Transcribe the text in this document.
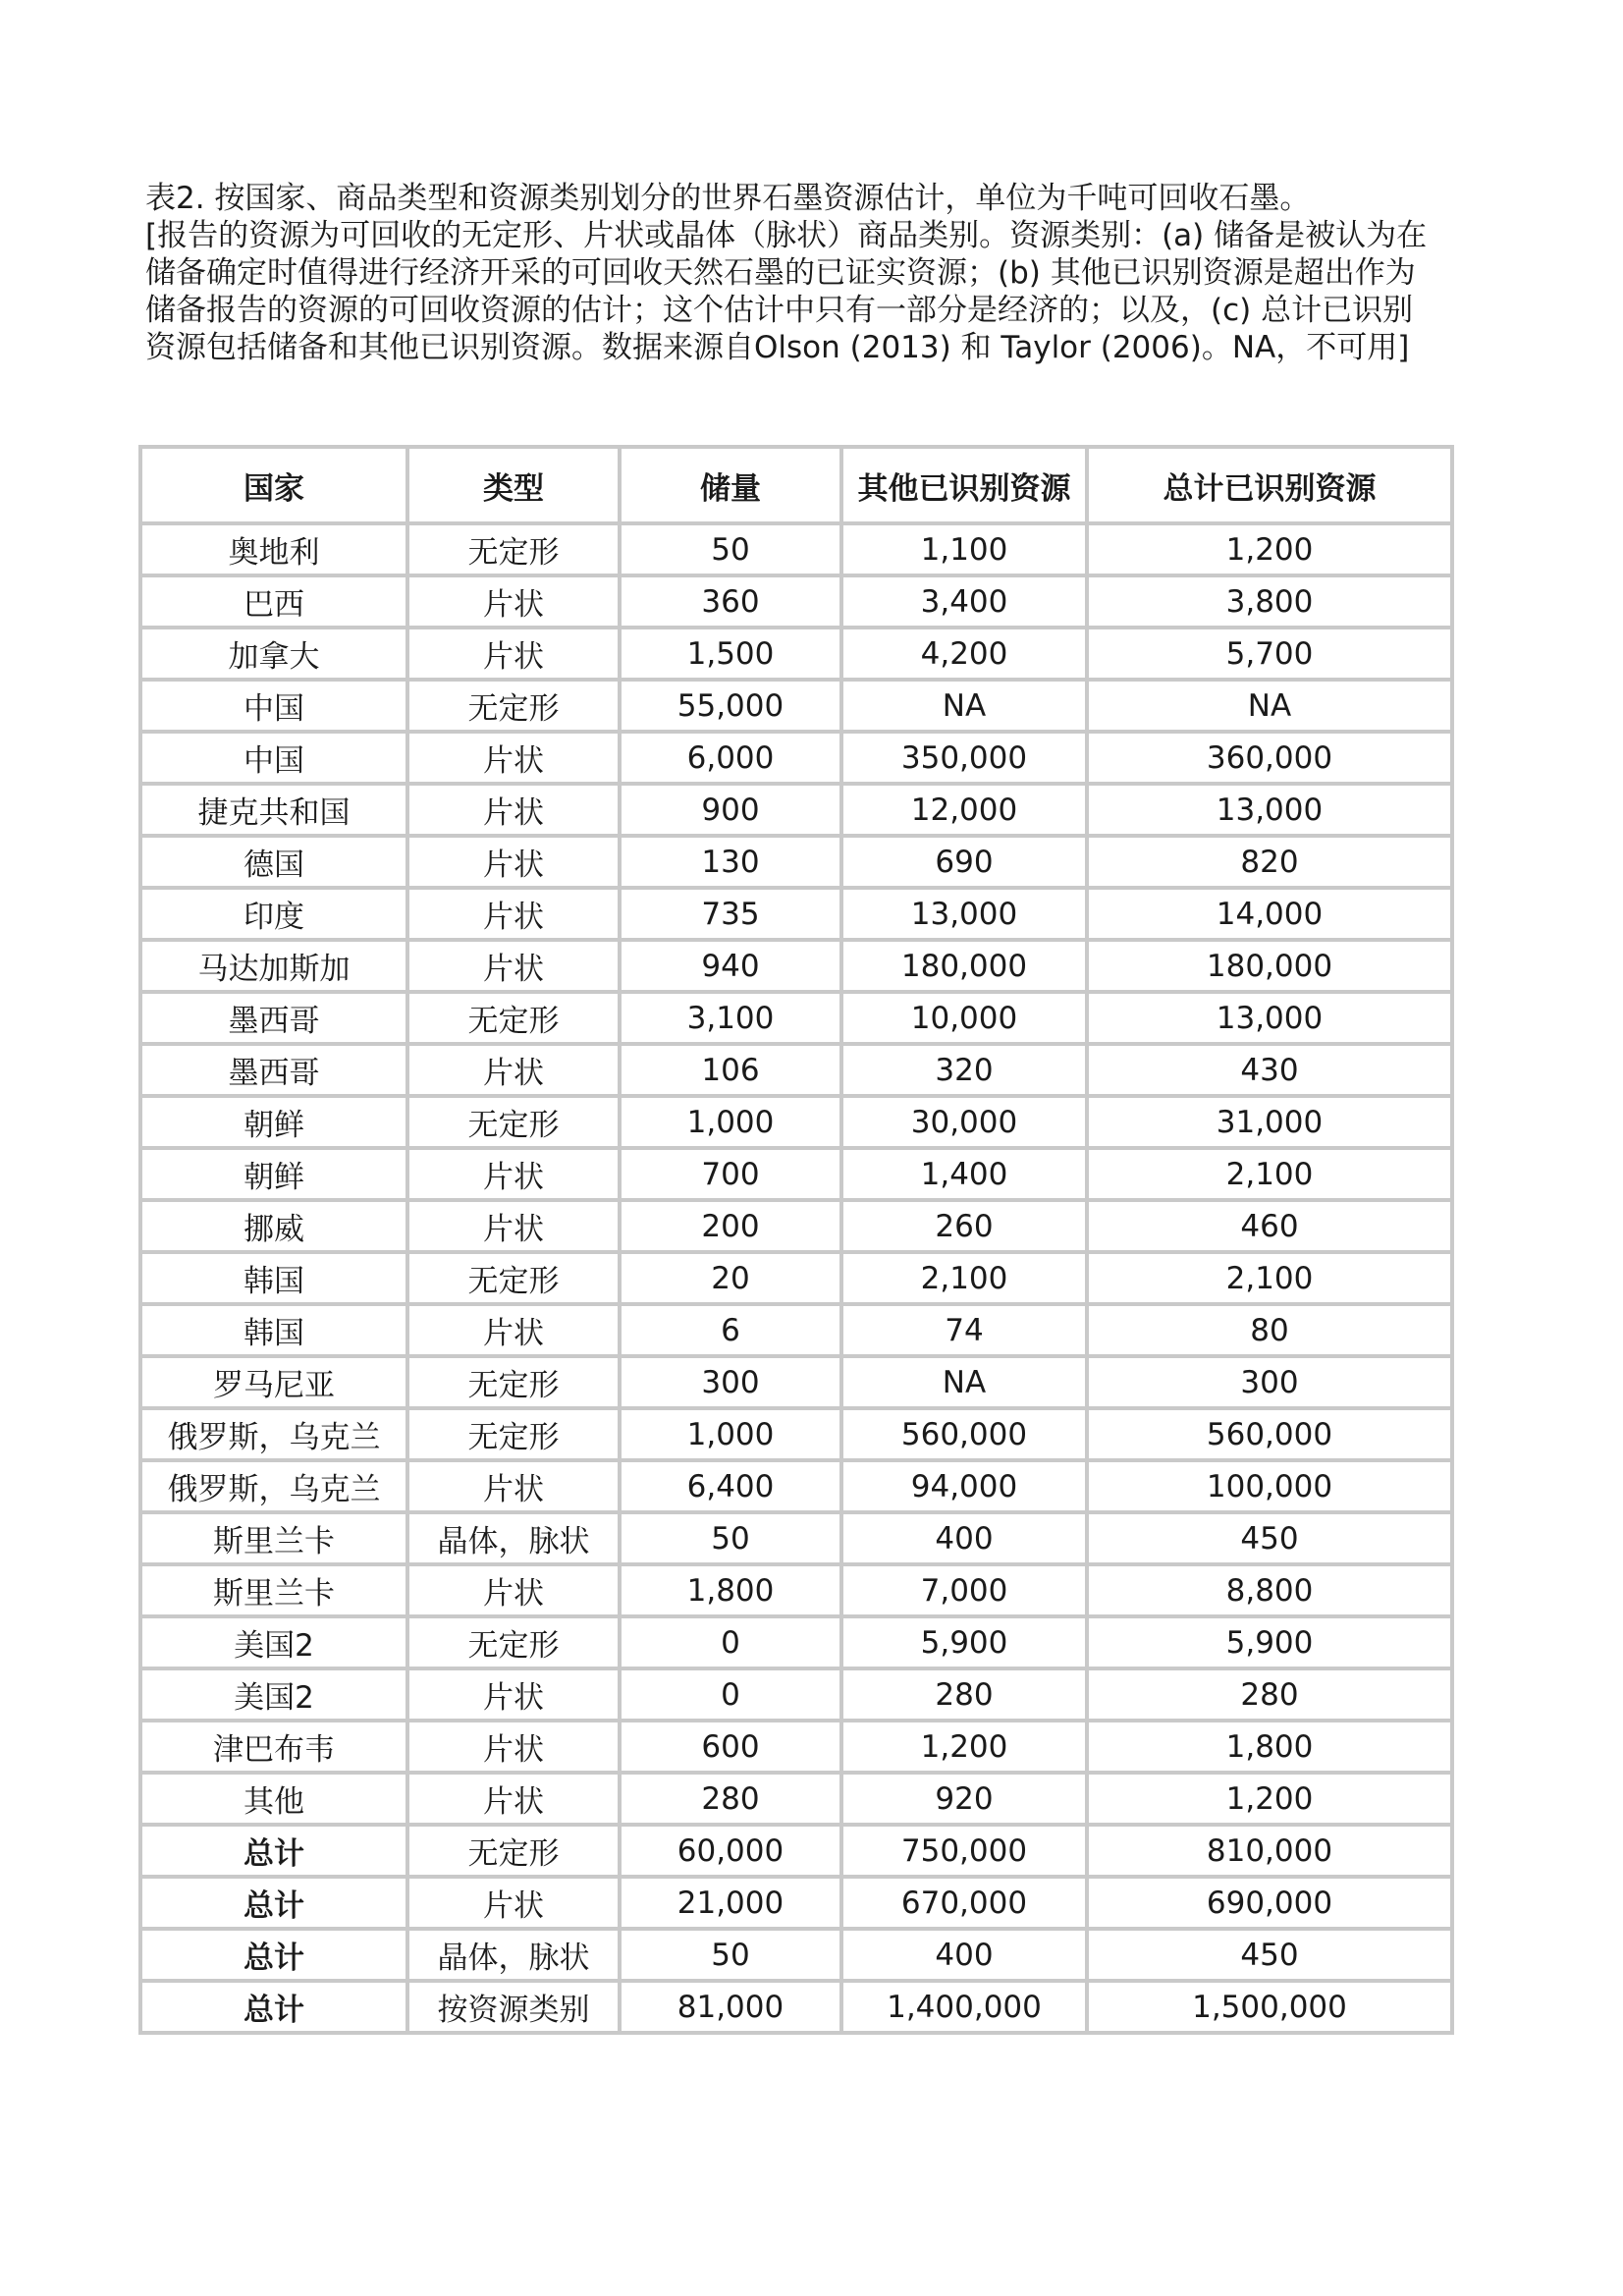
表2. 按国家、商品类型和资源类别划分的世界石墨资源估计，单位为千吨可回收石墨。

[报告的资源为可回收的无定形、片状或晶体（脉状）商品类别。资源类别：(a) 储备是被认为在储备确定时值得进行经济开采的可回收天然石墨的已证实资源；(b) 其他已识别资源是超出作为储备报告的资源的可回收资源的估计；这个估计中只有一部分是经济的；以及，(c) 总计已识别资源包括储备和其他已识别资源。数据来源自Olson (2013) 和 Taylor (2006)。NA，不可用]

国家	类型	储量	其他已识别资源	总计已识别资源
奥地利	无定形	50	1,100	1,200
巴西	片状	360	3,400	3,800
加拿大	片状	1,500	4,200	5,700
中国	无定形	55,000	NA	NA
中国	片状	6,000	350,000	360,000
捷克共和国	片状	900	12,000	13,000
德国	片状	130	690	820
印度	片状	735	13,000	14,000
马达加斯加	片状	940	180,000	180,000
墨西哥	无定形	3,100	10,000	13,000
墨西哥	片状	106	320	430
朝鲜	无定形	1,000	30,000	31,000
朝鲜	片状	700	1,400	2,100
挪威	片状	200	260	460
韩国	无定形	20	2,100	2,100
韩国	片状	6	74	80
罗马尼亚	无定形	300	NA	300
俄罗斯，乌克兰	无定形	1,000	560,000	560,000
俄罗斯，乌克兰	片状	6,400	94,000	100,000
斯里兰卡	晶体，脉状	50	400	450
斯里兰卡	片状	1,800	7,000	8,800
美国2	无定形	0	5,900	5,900
美国2	片状	0	280	280
津巴布韦	片状	600	1,200	1,800
其他	片状	280	920	1,200
总计	无定形	60,000	750,000	810,000
总计	片状	21,000	670,000	690,000
总计	晶体，脉状	50	400	450
总计	按资源类别	81,000	1,400,000	1,500,000
